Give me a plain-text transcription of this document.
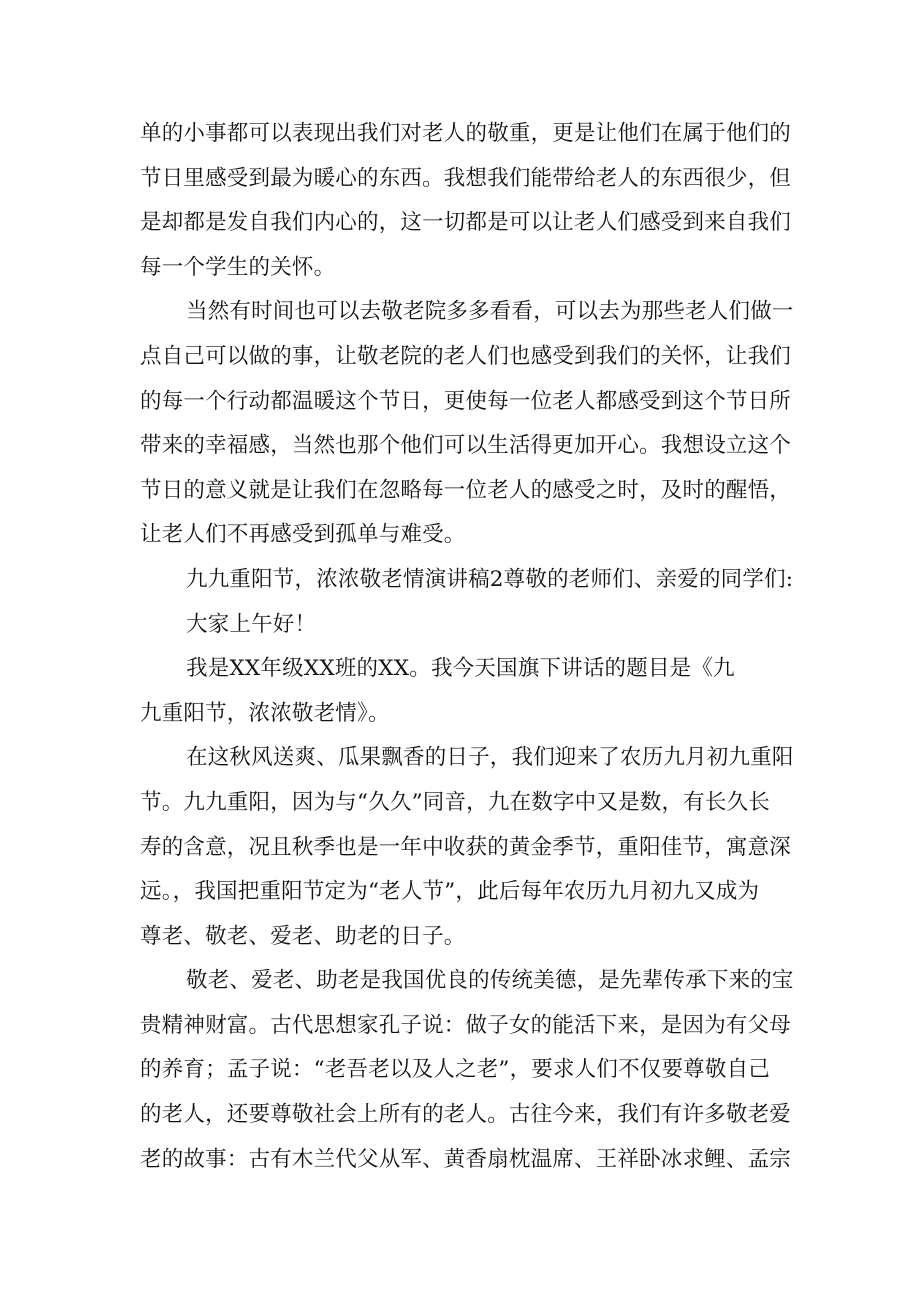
单的小事都可以表现出我们对老人的敬重，更是让他们在属于他们的
节日里感受到最为暖心的东西。我想我们能带给老人的东西很少，但
是却都是发自我们内心的，这一切都是可以让老人们感受到来自我们
每一个学生的关怀。
当然有时间也可以去敬老院多多看看，可以去为那些老人们做一
点自己可以做的事，让敬老院的老人们也感受到我们的关怀，让我们
的每一个行动都温暖这个节日，更使每一位老人都感受到这个节日所
带来的幸福感，当然也那个他们可以生活得更加开心。我想设立这个
节日的意义就是让我们在忽略每一位老人的感受之时，及时的醒悟，
让老人们不再感受到孤单与难受。
九九重阳节，浓浓敬老情演讲稿2尊敬的老师们、亲爱的同学们:
大家上午好！
我是XX年级XX班的XX。我今天国旗下讲话的题目是《九
九重阳节，浓浓敬老情》。
在这秋风送爽、瓜果飘香的日子，我们迎来了农历九月初九重阳
节。九九重阳，因为与“久久”同音，九在数字中又是数，有长久长
寿的含意，况且秋季也是一年中收获的黄金季节，重阳佳节，寓意深
远。，我国把重阳节定为“老人节”，此后每年农历九月初九又成为
尊老、敬老、爱老、助老的日子。
敬老、爱老、助老是我国优良的传统美德，是先辈传承下来的宝
贵精神财富。古代思想家孔子说：做子女的能活下来，是因为有父母
的养育；孟子说：“老吾老以及人之老”，要求人们不仅要尊敬自己
的老人，还要尊敬社会上所有的老人。古往今来，我们有许多敬老爱
老的故事：古有木兰代父从军、黄香扇枕温席、王祥卧冰求鲤、孟宗
